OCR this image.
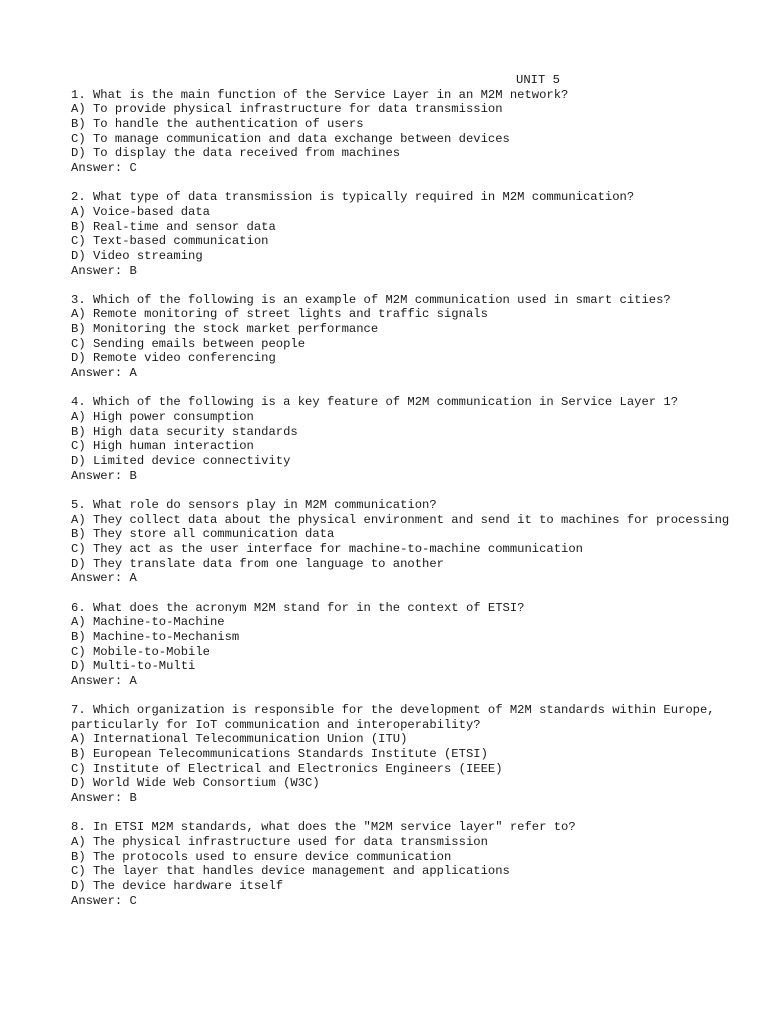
UNIT 5
1. What is the main function of the Service Layer in an M2M network?
A) To provide physical infrastructure for data transmission
B) To handle the authentication of users
C) To manage communication and data exchange between devices
D) To display the data received from machines
Answer: C
2. What type of data transmission is typically required in M2M communication?
A) Voice-based data
B) Real-time and sensor data
C) Text-based communication
D) Video streaming
Answer: B
3. Which of the following is an example of M2M communication used in smart cities?
A) Remote monitoring of street lights and traffic signals
B) Monitoring the stock market performance
C) Sending emails between people
D) Remote video conferencing
Answer: A
4. Which of the following is a key feature of M2M communication in Service Layer 1?
A) High power consumption
B) High data security standards
C) High human interaction
D) Limited device connectivity
Answer: B
5. What role do sensors play in M2M communication?
A) They collect data about the physical environment and send it to machines for processing
B) They store all communication data
C) They act as the user interface for machine-to-machine communication
D) They translate data from one language to another
Answer: A
6. What does the acronym M2M stand for in the context of ETSI?
A) Machine-to-Machine
B) Machine-to-Mechanism
C) Mobile-to-Mobile
D) Multi-to-Multi
Answer: A
7. Which organization is responsible for the development of M2M standards within Europe, particularly for IoT communication and interoperability?
A) International Telecommunication Union (ITU)
B) European Telecommunications Standards Institute (ETSI)
C) Institute of Electrical and Electronics Engineers (IEEE)
D) World Wide Web Consortium (W3C)
Answer: B
8. In ETSI M2M standards, what does the "M2M service layer" refer to?
A) The physical infrastructure used for data transmission
B) The protocols used to ensure device communication
C) The layer that handles device management and applications
D) The device hardware itself
Answer: C
